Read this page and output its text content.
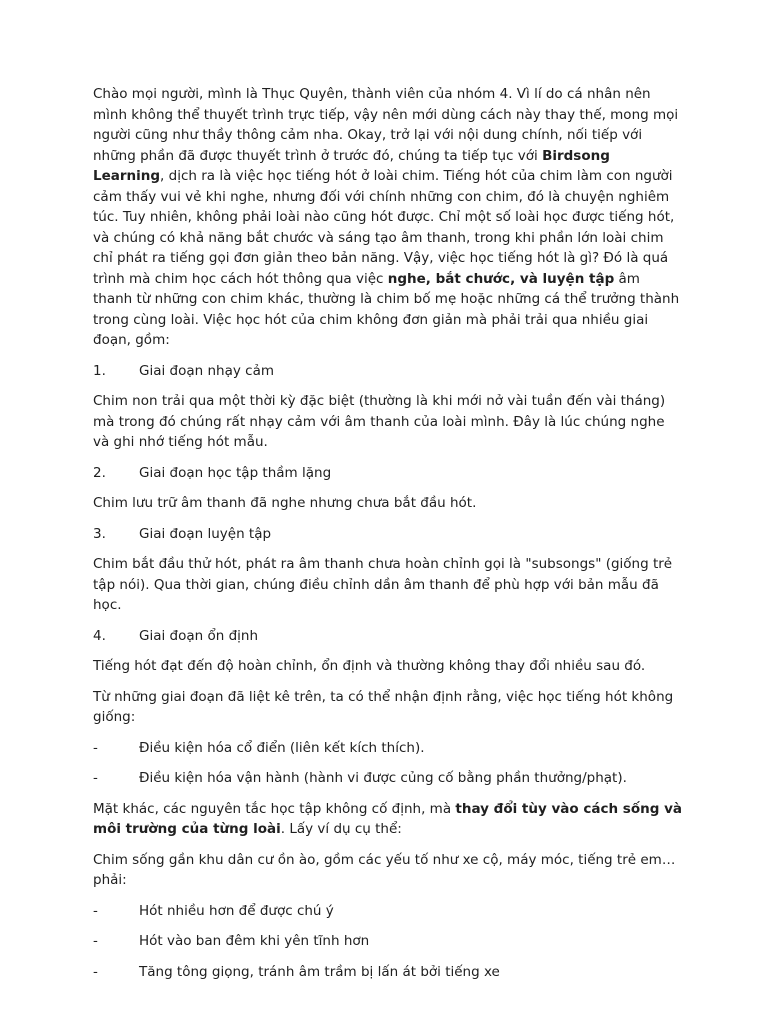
Chào mọi người, mình là Thục Quyên, thành viên của nhóm 4. Vì lí do cá nhân nên mình không thể thuyết trình trực tiếp, vậy nên mới dùng cách này thay thế, mong mọi người cũng như thầy thông cảm nha. Okay, trở lại với nội dung chính, nối tiếp với những phần đã được thuyết trình ở trước đó, chúng ta tiếp tục với Birdsong Learning, dịch ra là việc học tiếng hót ở loài chim. Tiếng hót của chim làm con người cảm thấy vui vẻ khi nghe, nhưng đối với chính những con chim, đó là chuyện nghiêm túc. Tuy nhiên, không phải loài nào cũng hót được. Chỉ một số loài học được tiếng hót, và chúng có khả năng bắt chước và sáng tạo âm thanh, trong khi phần lớn loài chim chỉ phát ra tiếng gọi đơn giản theo bản năng. Vậy, việc học tiếng hót là gì? Đó là quá trình mà chim học cách hót thông qua việc nghe, bắt chước, và luyện tập âm thanh từ những con chim khác, thường là chim bố mẹ hoặc những cá thể trưởng thành trong cùng loài. Việc học hót của chim không đơn giản mà phải trải qua nhiều giai đoạn, gồm:

1.	Giai đoạn nhạy cảm

Chim non trải qua một thời kỳ đặc biệt (thường là khi mới nở vài tuần đến vài tháng) mà trong đó chúng rất nhạy cảm với âm thanh của loài mình. Đây là lúc chúng nghe và ghi nhớ tiếng hót mẫu.

2.	Giai đoạn học tập thầm lặng

Chim lưu trữ âm thanh đã nghe nhưng chưa bắt đầu hót.

3.	Giai đoạn luyện tập

Chim bắt đầu thử hót, phát ra âm thanh chưa hoàn chỉnh gọi là "subsongs" (giống trẻ tập nói). Qua thời gian, chúng điều chỉnh dần âm thanh để phù hợp với bản mẫu đã học.

4.	Giai đoạn ổn định

Tiếng hót đạt đến độ hoàn chỉnh, ổn định và thường không thay đổi nhiều sau đó.

Từ những giai đoạn đã liệt kê trên, ta có thể nhận định rằng, việc học tiếng hót không giống:

-	Điều kiện hóa cổ điển (liên kết kích thích).
-	Điều kiện hóa vận hành (hành vi được củng cố bằng phần thưởng/phạt).

Mặt khác, các nguyên tắc học tập không cố định, mà thay đổi tùy vào cách sống và môi trường của từng loài. Lấy ví dụ cụ thể:

Chim sống gần khu dân cư ồn ào, gồm các yếu tố như xe cộ, máy móc, tiếng trẻ em… phải:

-	Hót nhiều hơn để được chú ý
-	Hót vào ban đêm khi yên tĩnh hơn
-	Tăng tông giọng, tránh âm trầm bị lấn át bởi tiếng xe
